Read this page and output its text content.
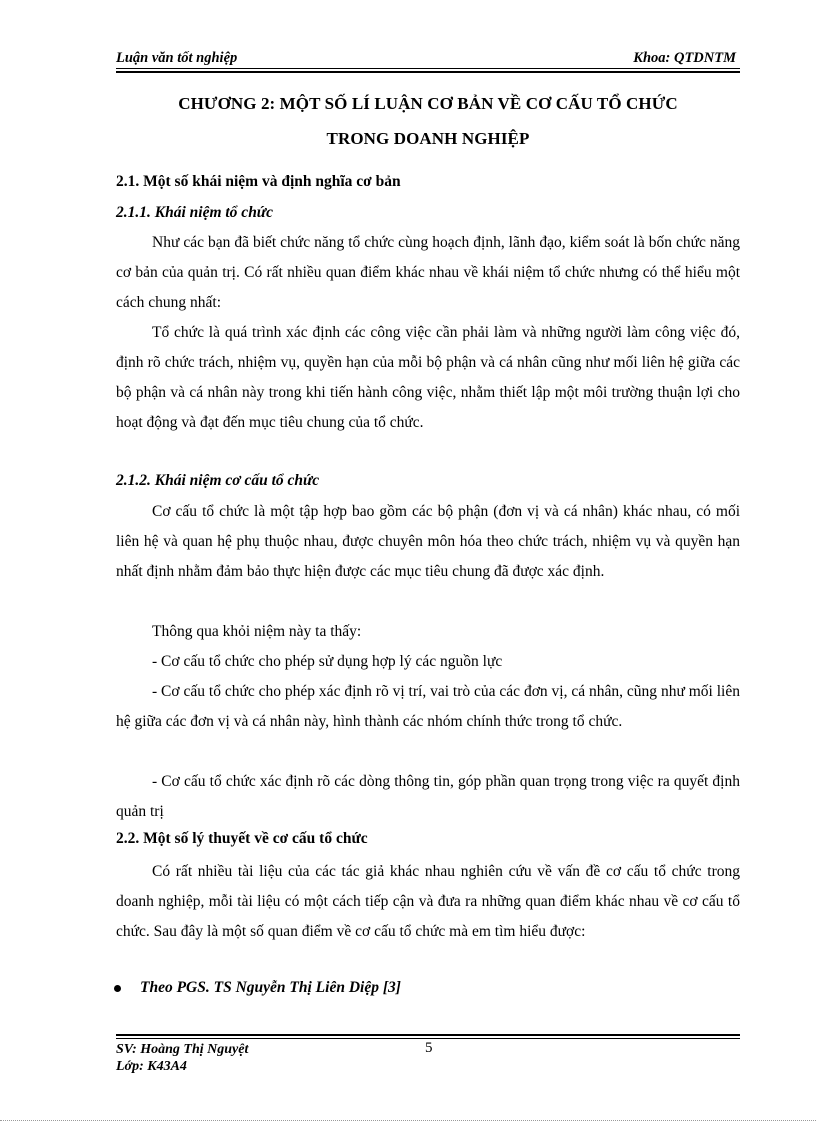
Luận văn tốt nghiệp	Khoa: QTDNTM
CHƯƠNG 2: MỘT SỐ LÍ LUẬN CƠ BẢN VỀ CƠ CẤU TỔ CHỨC
TRONG DOANH NGHIỆP
2.1. Một số khái niệm và định nghĩa cơ bản
2.1.1. Khái niệm tổ chức
Như các bạn đã biết chức năng tổ chức cùng hoạch định, lãnh đạo, kiểm soát là bốn chức năng cơ bản của quản trị. Có rất nhiều quan điểm khác nhau về khái niệm tổ chức nhưng có thể hiểu một cách chung nhất:
Tổ chức là quá trình xác định các công việc cần phải làm và những người làm công việc đó, định rõ chức trách, nhiệm vụ, quyền hạn của mỗi bộ phận và cá nhân cũng như mối liên hệ giữa các bộ phận và cá nhân này trong khi tiến hành công việc, nhằm thiết lập một môi trường thuận lợi cho hoạt động và đạt đến mục tiêu chung của tổ chức.
2.1.2. Khái niệm cơ cấu tổ chức
Cơ cấu tổ chức là một tập hợp bao gồm các bộ phận (đơn vị và cá nhân) khác nhau, có mối liên hệ và quan hệ phụ thuộc nhau, được chuyên môn hóa theo chức trách, nhiệm vụ và quyền hạn nhất định nhằm đảm bảo thực hiện được các mục tiêu chung đã được xác định.
Thông qua khỏi niệm này ta thấy:
- Cơ cấu tổ chức cho phép sử dụng hợp lý các nguồn lực
- Cơ cấu tổ chức cho phép xác định rõ vị trí, vai trò của các đơn vị, cá nhân, cũng như mối liên hệ giữa các đơn vị và cá nhân này, hình thành các nhóm chính thức trong tổ chức.
- Cơ cấu tổ chức xác định rõ các dòng thông tin, góp phần quan trọng trong việc ra quyết định quản trị
2.2. Một số lý thuyết về cơ cấu tổ chức
Có rất nhiều tài liệu của các tác giả khác nhau nghiên cứu về vấn đề cơ cấu tổ chức trong doanh nghiệp, mỗi tài liệu có một cách tiếp cận và đưa ra những quan điểm khác nhau về cơ cấu tổ chức. Sau đây là một số quan điểm về cơ cấu tổ chức mà em tìm hiểu được:
Theo PGS. TS Nguyễn Thị Liên Diệp [3]
SV: Hoàng Thị Nguyệt
Lớp: K43A4
5
